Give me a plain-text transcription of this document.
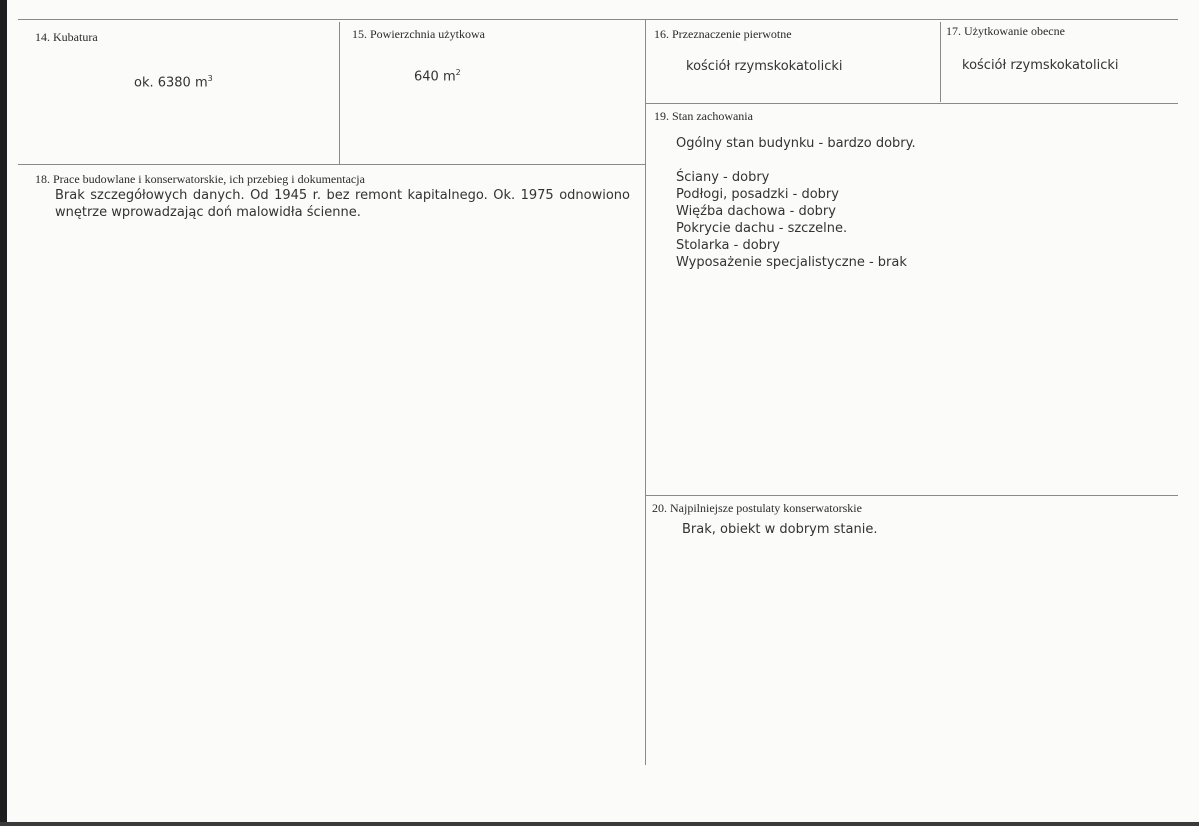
14. Kubatura
ok. 6380 $m^3$
15. Powierzchnia użytkowa
640 $m^2$
16. Przeznaczenie pierwotne
kościół rzymskokatolicki
17. Użytkowanie obecne
kościół rzymskokatolicki
18. Prace budowlane i konserwatorskie, ich przebieg i dokumentacja
Brak szczegółowych danych. Od 1945 r. bez remont kapitalnego. Ok. 1975 odnowiono
wnętrze wprowadzając doń malowidła ścienne.
19. Stan zachowania
Ogólny stan budynku - bardzo dobry.
Ściany - dobry
Podłogi, posadzki - dobry
Więźba dachowa - dobry
Pokrycie dachu - szczelne.
Stolarka - dobry
Wyposażenie specjalistyczne - brak
20. Najpilniejsze postulaty konserwatorskie
Brak, obiekt w dobrym stanie.
